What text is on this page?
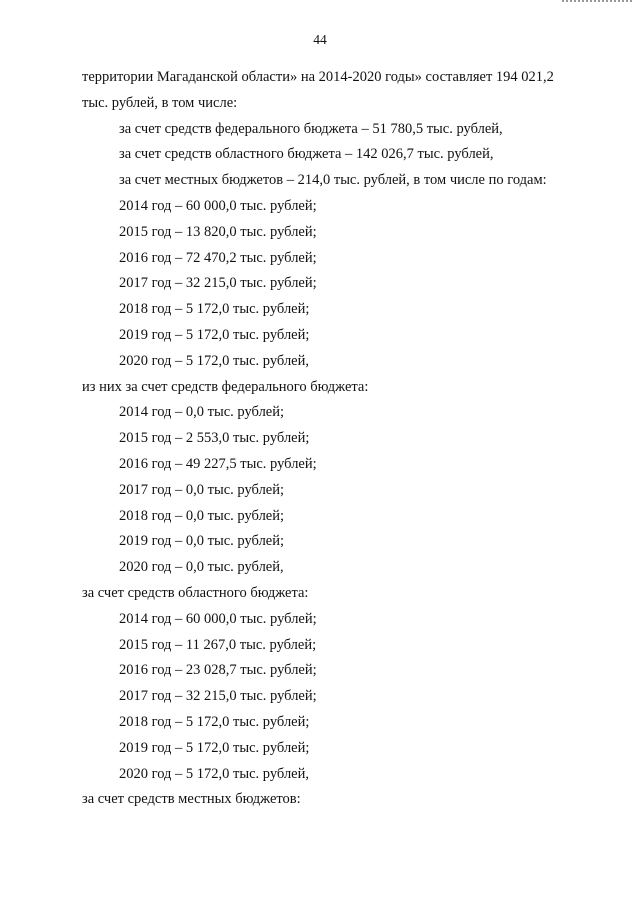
44
территории Магаданской области» на 2014-2020 годы» составляет 194 021,2
тыс. рублей, в том числе:
за счет средств федерального бюджета – 51 780,5 тыс. рублей,
за счет средств областного бюджета – 142 026,7 тыс. рублей,
за счет местных бюджетов – 214,0 тыс. рублей, в том числе по годам:
2014 год – 60 000,0 тыс. рублей;
2015 год – 13 820,0 тыс. рублей;
2016 год – 72 470,2 тыс. рублей;
2017 год – 32 215,0 тыс. рублей;
2018 год – 5 172,0 тыс. рублей;
2019 год – 5 172,0 тыс. рублей;
2020 год – 5 172,0 тыс. рублей,
из них за счет средств федерального бюджета:
2014 год – 0,0 тыс. рублей;
2015 год – 2 553,0 тыс. рублей;
2016 год – 49 227,5 тыс. рублей;
2017 год – 0,0 тыс. рублей;
2018 год – 0,0 тыс. рублей;
2019 год – 0,0 тыс. рублей;
2020 год – 0,0 тыс. рублей,
за счет средств областного бюджета:
2014 год – 60 000,0 тыс. рублей;
2015 год – 11 267,0 тыс. рублей;
2016 год – 23 028,7 тыс. рублей;
2017 год – 32 215,0 тыс. рублей;
2018 год – 5 172,0 тыс. рублей;
2019 год – 5 172,0 тыс. рублей;
2020 год – 5 172,0 тыс. рублей,
за счет средств местных бюджетов:
